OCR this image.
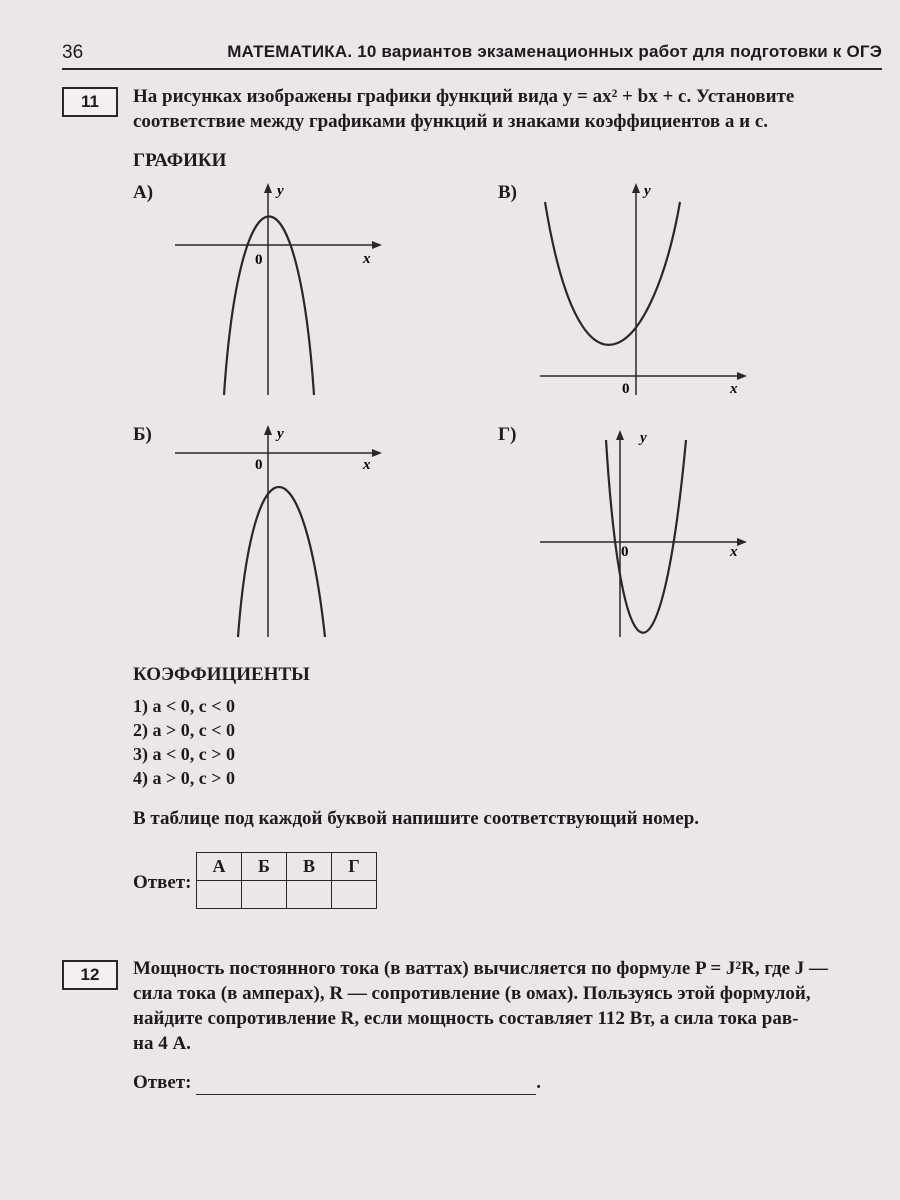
36	МАТЕМАТИКА. 10 вариантов экзаменационных работ для подготовки к ОГЭ
11	На рисунках изображены графики функций вида y = ax² + bx + c. Установите
соответствие между графиками функций и знаками коэффициентов a и c.
ГРАФИКИ
А)	В)
Б)	Г)
y
x
0
y
x
0
y
x
0
y
x
0
КОЭФФИЦИЕНТЫ
1) a < 0, c < 0
2) a > 0, c < 0
3) a < 0, c > 0
4) a > 0, c > 0
В таблице под каждой буквой напишите соответствующий номер.
Ответ:
А	Б	В	Г

12	Мощность постоянного тока (в ваттах) вычисляется по формуле P = J²R, где J —
сила тока (в амперах), R — сопротивление (в омах). Пользуясь этой формулой,
найдите сопротивление R, если мощность составляет 112 Вт, а сила тока рав-
на 4 А.
Ответ:	.
